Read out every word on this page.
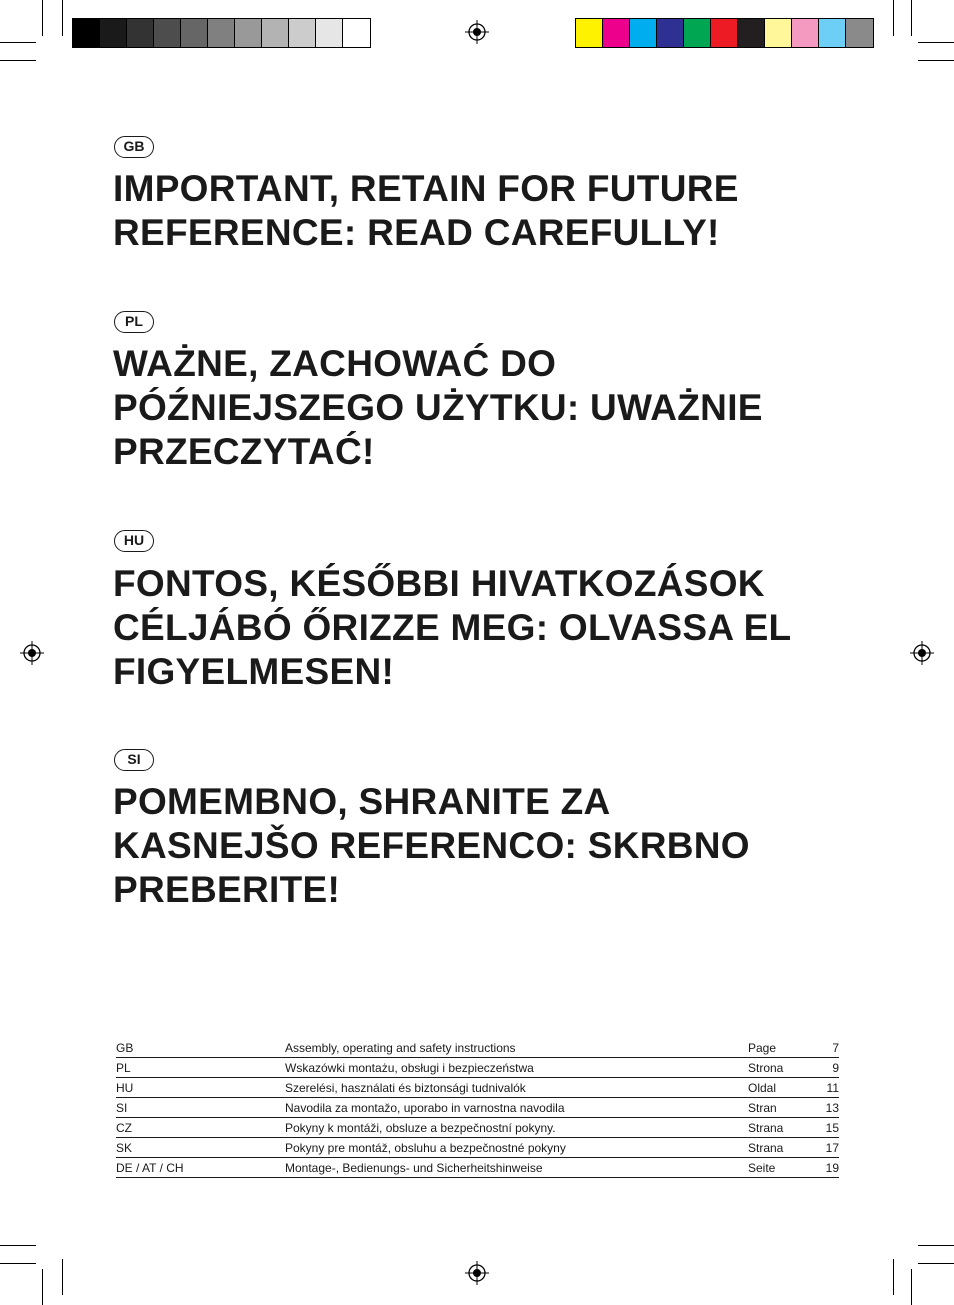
GB
IMPORTANT, RETAIN FOR FUTURE REFERENCE: READ CAREFULLY!
PL
WAŻNE, ZACHOWAĆ DO PÓŹNIEJSZEGO UŻYTKU: UWAŻNIE PRZECZYTAĆ!
HU
FONTOS, KÉSŐBBI HIVATKOZÁSOK CÉLJÁBÓ ŐRIZZE MEG: OLVASSA EL FIGYELMESEN!
SI
POMEMBNO, SHRANITE ZA KASNEJŠO REFERENCO: SKRBNO PREBERITE!
GB	Assembly, operating and safety instructions	Page	7
PL	Wskazówki montażu, obsługi i bezpieczeństwa	Strona	9
HU	Szerelési, használati és biztonsági tudnivalók	Oldal	11
SI	Navodila za montažo, uporabo in varnostna navodila	Stran	13
CZ	Pokyny k montáži, obsluze a bezpečnostní pokyny.	Strana	15
SK	Pokyny pre montáž, obsluhu a bezpečnostné pokyny	Strana	17
DE / AT / CH	Montage-, Bedienungs- und Sicherheitshinweise	Seite	19
